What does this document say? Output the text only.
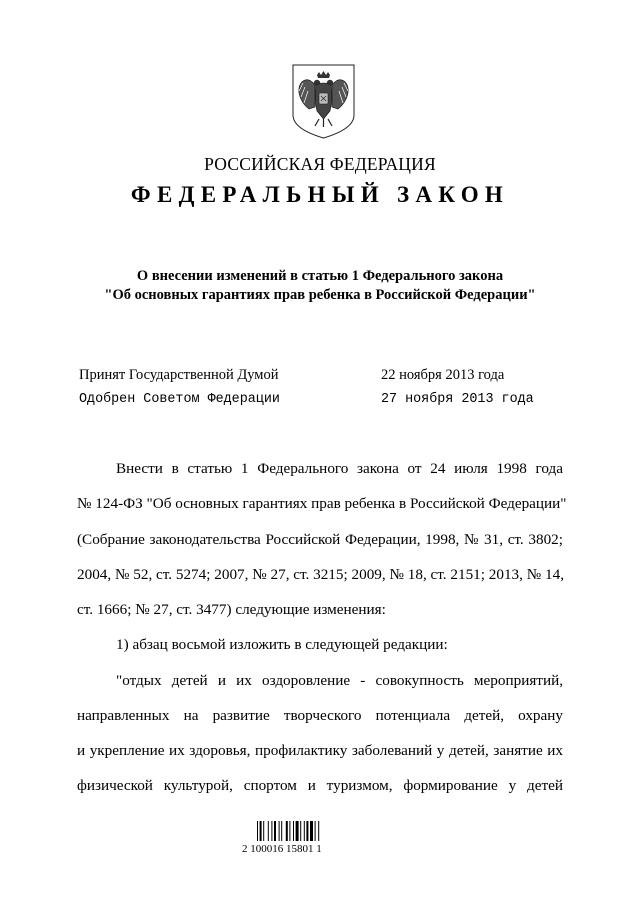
РОССИЙСКАЯ ФЕДЕРАЦИЯ
ФЕДЕРАЛЬНЫЙ ЗАКОН
О внесении изменений в статью 1 Федерального закона
"Об основных гарантиях прав ребенка в Российской Федерации"
Принят Государственной Думой	22 ноября 2013 года
Одобрен Советом Федерации	27 ноября 2013 года
Внести в статью 1 Федерального закона от 24 июля 1998 года
№ 124-ФЗ "Об основных гарантиях прав ребенка в Российской Федерации"
(Собрание законодательства Российской Федерации, 1998, № 31, ст. 3802;
2004, № 52, ст. 5274; 2007, № 27, ст. 3215; 2009, № 18, ст. 2151; 2013, № 14,
ст. 1666; № 27, ст. 3477) следующие изменения:
1) абзац восьмой изложить в следующей редакции:
"отдых детей и их оздоровление - совокупность мероприятий,
направленных на развитие творческого потенциала детей, охрану
и укрепление их здоровья, профилактику заболеваний у детей, занятие их
физической культурой, спортом и туризмом, формирование у детей
2 100016 15801 1
